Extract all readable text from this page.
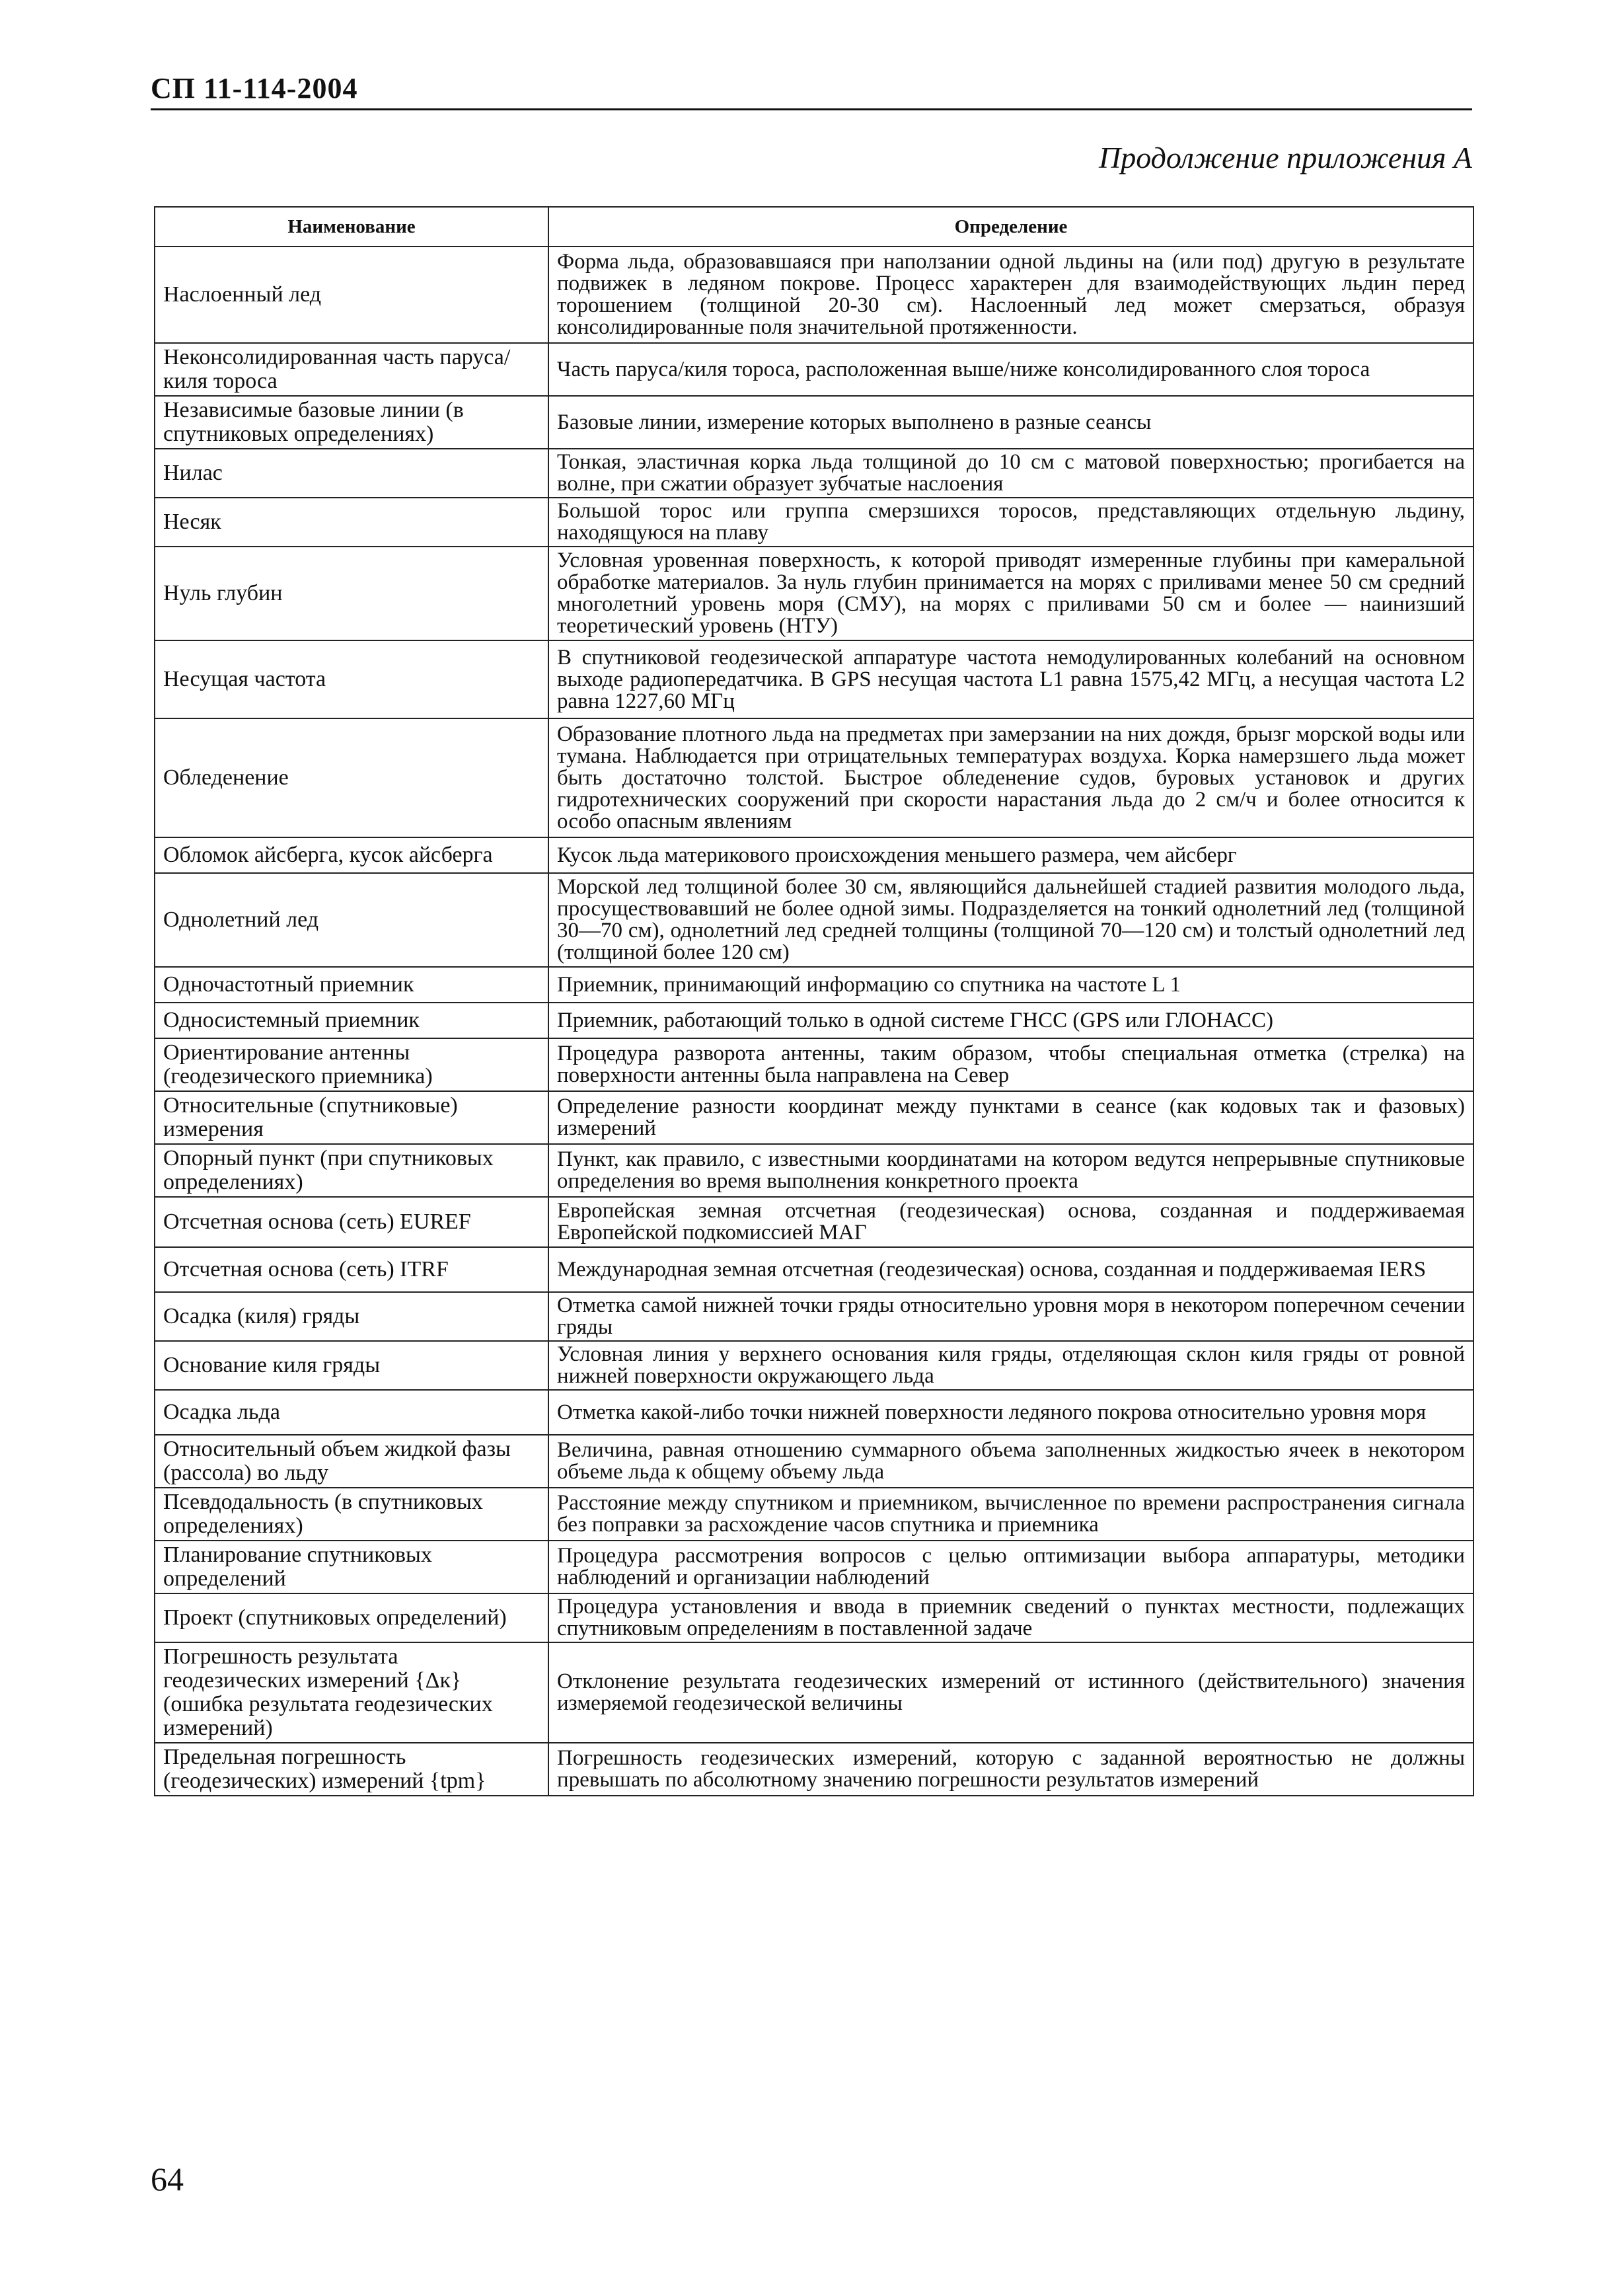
СП 11-114-2004
Продолжение приложения А
Наименование	Определение
Наслоенный лед	Форма льда, образовавшаяся при наползании одной льдины на (или под) другую в результате подвижек в ледяном покрове. Процесс характерен для взаимодействующих льдин перед торошением (толщиной 20-30 см). Наслоенный лед может смерзаться, образуя консолидированные поля значительной протяженности.
Неконсолидированная часть паруса/киля тороса	Часть паруса/киля тороса, расположенная выше/ниже консолидированного слоя тороса
Независимые базовые линии (в спутниковых определениях)	Базовые линии, измерение которых выполнено в разные сеансы
Нилас	Тонкая, эластичная корка льда толщиной до 10 см с матовой поверхностью; прогибается на волне, при сжатии образует зубчатые наслоения
Несяк	Большой торос или группа смерзшихся торосов, представляющих отдельную льдину, находящуюся на плаву
Нуль глубин	Условная уровенная поверхность, к которой приводят измеренные глубины при камеральной обработке материалов. За нуль глубин принимается на морях с приливами менее 50 см средний многолетний уровень моря (СМУ), на морях с приливами 50 см и более — наинизший теоретический уровень (НТУ)
Несущая частота	В спутниковой геодезической аппаратуре частота немодулированных колебаний на основном выходе радиопередатчика. В GPS несущая частота L1 равна 1575,42 МГц, а несущая частота L2 равна 1227,60 МГц
Обледенение	Образование плотного льда на предметах при замерзании на них дождя, брызг морской воды или тумана. Наблюдается при отрицательных температурах воздуха. Корка намерзшего льда может быть достаточно толстой. Быстрое обледенение судов, буровых установок и других гидротехнических сооружений при скорости нарастания льда до 2 см/ч и более относится к особо опасным явлениям
Обломок айсберга, кусок айсберга	Кусок льда материкового происхождения меньшего размера, чем айсберг
Однолетний лед	Морской лед толщиной более 30 см, являющийся дальнейшей стадией развития молодого льда, просуществовавший не более одной зимы. Подразделяется на тонкий однолетний лед (толщиной 30—70 см), однолетний лед средней толщины (толщиной 70—120 см) и толстый однолетний лед (толщиной более 120 см)
Одночастотный приемник	Приемник, принимающий информацию со спутника на частоте L 1
Односистемный приемник	Приемник, работающий только в одной системе ГНСС (GPS или ГЛОНАСС)
Ориентирование антенны (геодезического приемника)	Процедура разворота антенны, таким образом, чтобы специальная отметка (стрелка) на поверхности антенны была направлена на Север
Относительные (спутниковые) измерения	Определение разности координат между пунктами в сеансе (как кодовых так и фазовых) измерений
Опорный пункт (при спутниковых определениях)	Пункт, как правило, с известными координатами на котором ведутся непрерывные спутниковые определения во время выполнения конкретного проекта
Отсчетная основа (сеть) EUREF	Европейская земная отсчетная (геодезическая) основа, созданная и поддерживаемая Европейской подкомиссией МАГ
Отсчетная основа (сеть) ITRF	Международная земная отсчетная (геодезическая) основа, созданная и поддерживаемая IERS
Осадка (киля) гряды	Отметка самой нижней точки гряды относительно уровня моря в некотором поперечном сечении гряды
Основание киля гряды	Условная линия у верхнего основания киля гряды, отделяющая склон киля гряды от ровной нижней поверхности окружающего льда
Осадка льда	Отметка какой-либо точки нижней поверхности ледяного покрова относительно уровня моря
Относительный объем жидкой фазы (рассола) во льду	Величина, равная отношению суммарного объема заполненных жидкостью ячеек в некотором объеме льда к общему объему льда
Псевдодальность (в спутниковых определениях)	Расстояние между спутником и приемником, вычисленное по времени распространения сигнала без поправки за расхождение часов спутника и приемника
Планирование спутниковых определений	Процедура рассмотрения вопросов с целью оптимизации выбора аппаратуры, методики наблюдений и организации наблюдений
Проект (спутниковых определений)	Процедура установления и ввода в приемник сведений о пунктах местности, подлежащих спутниковым определениям в поставленной задаче
Погрешность результата геодезических измерений {Δк}(ошибка результата геодезических измерений)	Отклонение результата геодезических измерений от истинного (действительного) значения измеряемой геодезической величины
Предельная погрешность (геодезических) измерений {tрm}	Погрешность геодезических измерений, которую с заданной вероятностью не должны превышать по абсолютному значению погрешности результатов измерений
64
